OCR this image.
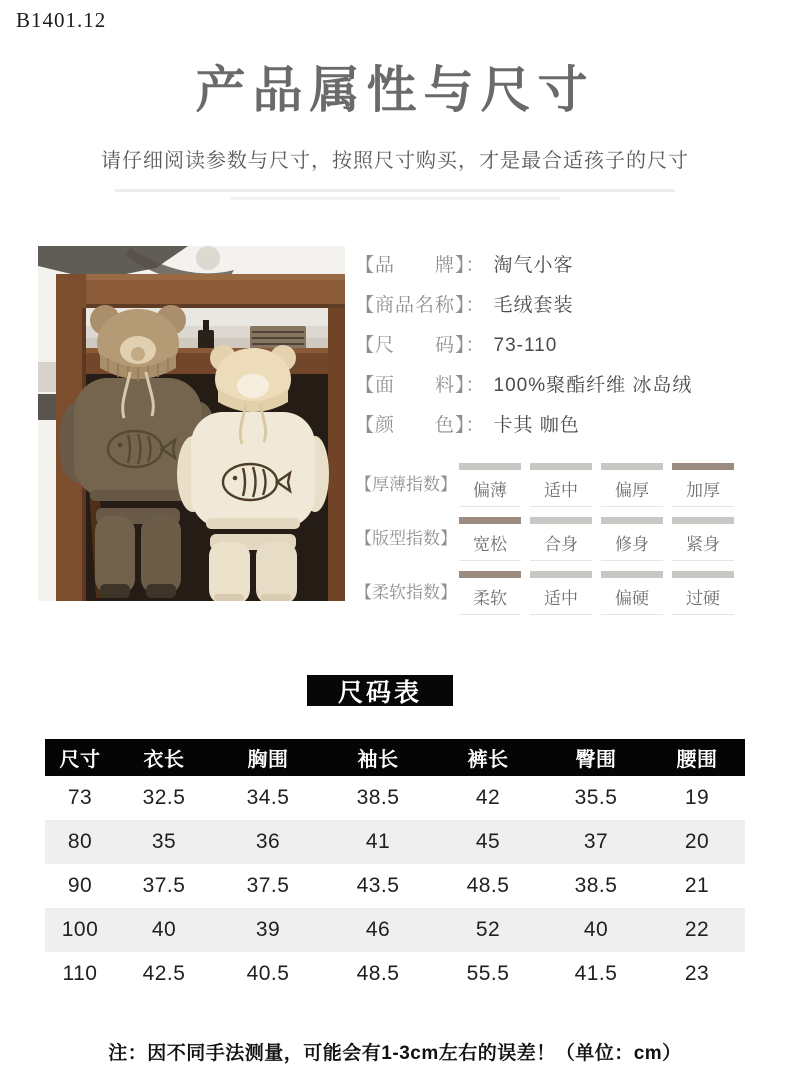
B1401.12
产品属性与尺寸
请仔细阅读参数与尺寸，按照尺寸购买，才是最合适孩子的尺寸
【品　　牌】： 淘气小客
【商品名称】： 毛绒套装
【尺　　码】： 73-110
【面　　料】： 100%聚酯纤维 冰岛绒
【颜　　色】： 卡其 咖色
【厚薄指数】 偏薄	适中	偏厚	加厚
【版型指数】 宽松	合身	修身	紧身
【柔软指数】 柔软	适中	偏硬	过硬
尺码表
尺寸	衣长	胸围	袖长	裤长	臀围	腰围
73	32.5	34.5	38.5	42	35.5	19
80	35	36	41	45	37	20
90	37.5	37.5	43.5	48.5	38.5	21
100	40	39	46	52	40	22
110	42.5	40.5	48.5	55.5	41.5	23
注：因不同手法测量，可能会有1-3cm左右的误差！（单位：cm）
